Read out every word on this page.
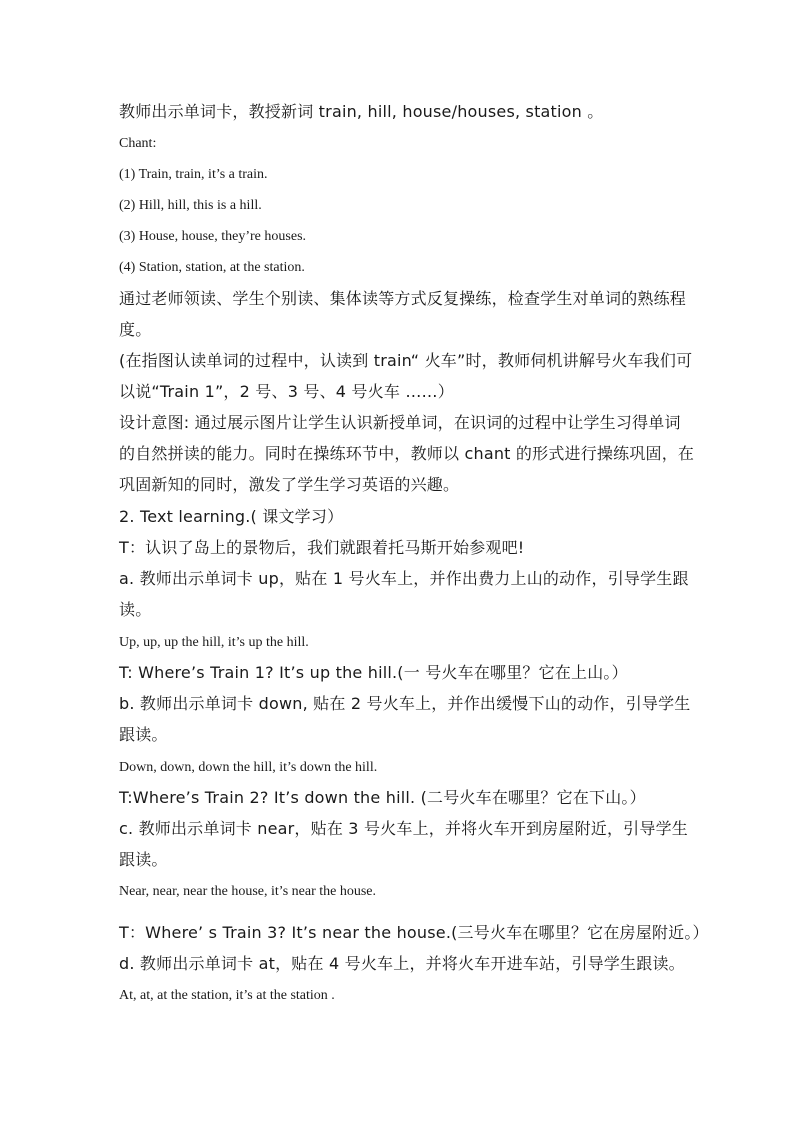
教师出示单词卡，教授新词 train, hill, house/houses, station 。
Chant:
(1) Train, train, it’s a train.
(2) Hill, hill, this is a hill.
(3) House, house, they’re houses.
(4) Station, station, at the station.
通过老师领读、学生个别读、集体读等方式反复操练，检查学生对单词的熟练程
度。
(在指图认读单词的过程中，认读到 train“ 火车”时，教师伺机讲解号火车我们可
以说“Train 1”，2 号、3 号、4 号火车 ……）
设计意图: 通过展示图片让学生认识新授单词，在识词的过程中让学生习得单词
的自然拼读的能力。同时在操练环节中，教师以 chant 的形式进行操练巩固，在
巩固新知的同时，激发了学生学习英语的兴趣。
2. Text learning.( 课文学习）
T：认识了岛上的景物后，我们就跟着托马斯开始参观吧!
a. 教师出示单词卡 up，贴在 1 号火车上，并作出费力上山的动作，引导学生跟
读。
Up, up, up the hill, it’s up the hill.
T: Where’s Train 1? It’s up the hill.(一 号火车在哪里？它在上山。）
b. 教师出示单词卡 down, 贴在 2 号火车上，并作出缓慢下山的动作，引导学生
跟读。
Down, down, down the hill, it’s down the hill.
T:Where’s Train 2? It’s down the hill. (二号火车在哪里？它在下山。）
c. 教师出示单词卡 near，贴在 3 号火车上，并将火车开到房屋附近，引导学生
跟读。
Near, near, near the house, it’s near the house.
T：Where’ s Train 3? It’s near the house.(三号火车在哪里？它在房屋附近。）
d. 教师出示单词卡 at，贴在 4 号火车上，并将火车开进车站，引导学生跟读。
At, at, at the station, it’s at the station .
